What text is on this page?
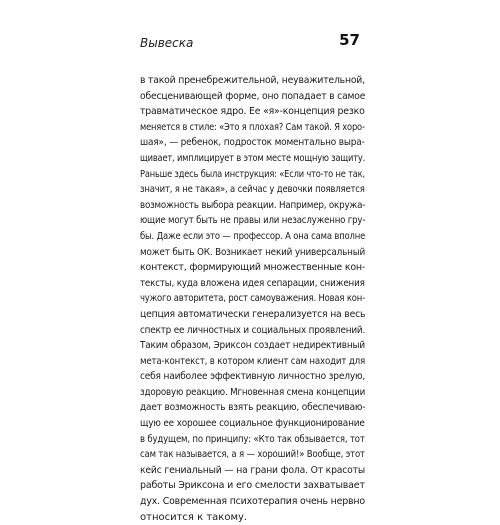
Вывеска	57
в такой пренебрежительной, неуважительной,
обесценивающей форме, оно попадает в самое
травматическое ядро. Ее «я»-концепция резко
меняется в стиле: «Это я плохая? Сам такой. Я хоро-
шая», — ребенок, подросток моментально выра-
щивает, имплицирует в этом месте мощную защиту.
Раньше здесь была инструкция: «Если что-то не так,
значит, я не такая», а сейчас у девочки появляется
возможность выбора реакции. Например, окружа-
ющие могут быть не правы или незаслуженно гру-
бы. Даже если это — профессор. А она сама вполне
может быть ОК. Возникает некий универсальный
контекст, формирующий множественные кон-
тексты, куда вложена идея сепарации, снижения
чужого авторитета, рост самоуважения. Новая кон-
цепция автоматически генерализуется на весь
спектр ее личностных и социальных проявлений.
Таким образом, Эриксон создает недирективный
мета-контекст, в котором клиент сам находит для
себя наиболее эффективную личностно зрелую,
здоровую реакцию. Мгновенная смена концепции
дает возможность взять реакцию, обеспечиваю-
щую ее хорошее социальное функционирование
в будущем, по принципу: «Кто так обзывается, тот
сам так называется, а я — хороший!» Вообще, этот
кейс гениальный — на грани фола. От красоты
работы Эриксона и его смелости захватывает
дух. Современная психотерапия очень нервно
относится к такому.
